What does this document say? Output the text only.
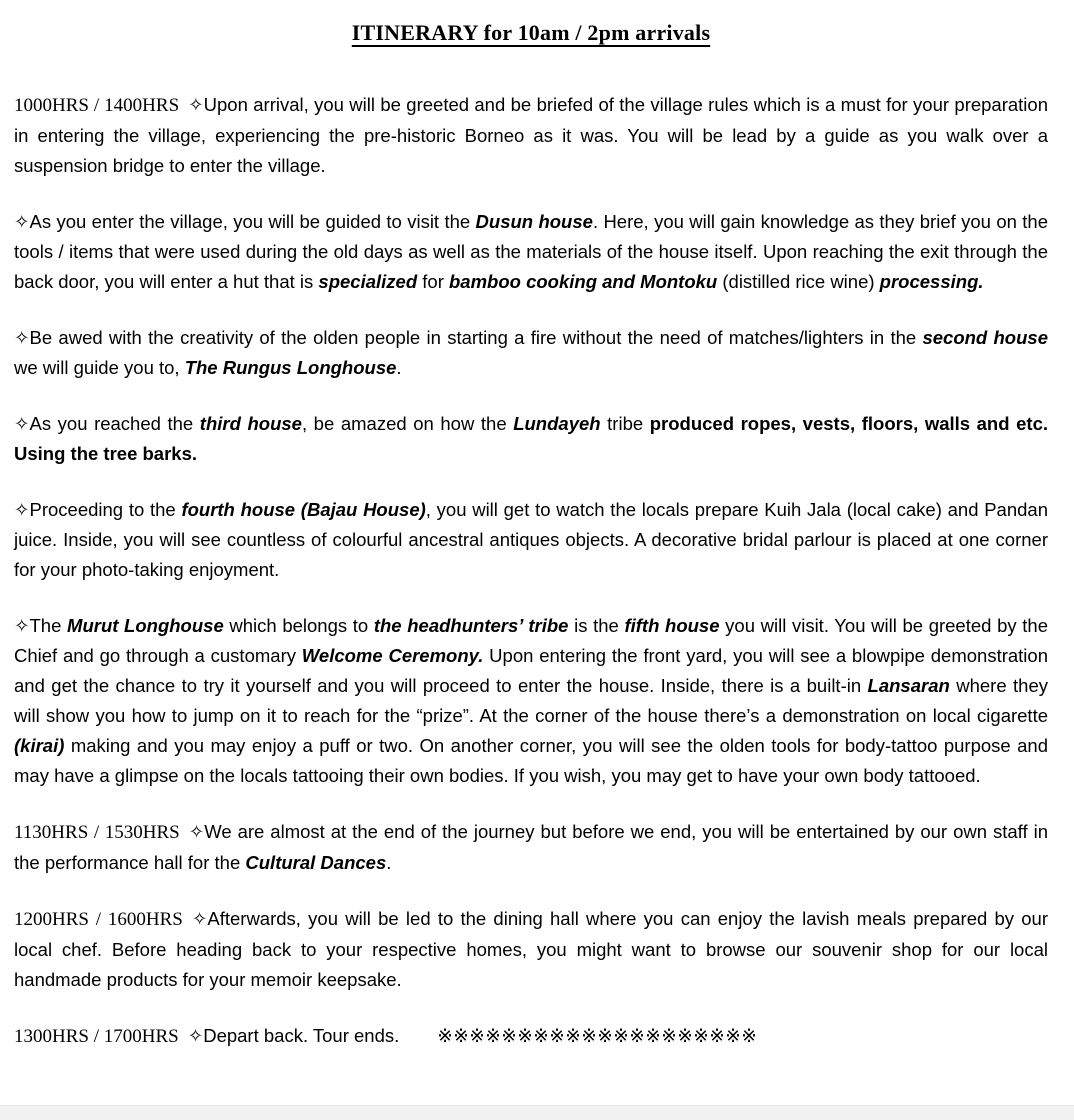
ITINERARY for 10am / 2pm arrivals
1000HRS / 1400HRS ✧Upon arrival, you will be greeted and be briefed of the village rules which is a must for your preparation in entering the village, experiencing the pre-historic Borneo as it was. You will be lead by a guide as you walk over a suspension bridge to enter the village.
✧As you enter the village, you will be guided to visit the Dusun house. Here, you will gain knowledge as they brief you on the tools / items that were used during the old days as well as the materials of the house itself. Upon reaching the exit through the back door, you will enter a hut that is specialized for bamboo cooking and Montoku (distilled rice wine) processing.
✧Be awed with the creativity of the olden people in starting a fire without the need of matches/lighters in the second house we will guide you to, The Rungus Longhouse.
✧As you reached the third house, be amazed on how the Lundayeh tribe produced ropes, vests, floors, walls and etc. Using the tree barks.
✧Proceeding to the fourth house (Bajau House), you will get to watch the locals prepare Kuih Jala (local cake) and Pandan juice. Inside, you will see countless of colourful ancestral antiques objects. A decorative bridal parlour is placed at one corner for your photo-taking enjoyment.
✧The Murut Longhouse which belongs to the headhunters’ tribe is the fifth house you will visit. You will be greeted by the Chief and go through a customary Welcome Ceremony. Upon entering the front yard, you will see a blowpipe demonstration and get the chance to try it yourself and you will proceed to enter the house. Inside, there is a built-in Lansaran where they will show you how to jump on it to reach for the “prize”. At the corner of the house there’s a demonstration on local cigarette (kirai) making and you may enjoy a puff or two. On another corner, you will see the olden tools for body-tattoo purpose and may have a glimpse on the locals tattooing their own bodies. If you wish, you may get to have your own body tattooed.
1130HRS / 1530HRS ✧We are almost at the end of the journey but before we end, you will be entertained by our own staff in the performance hall for the Cultural Dances.
1200HRS / 1600HRS ✧Afterwards, you will be led to the dining hall where you can enjoy the lavish meals prepared by our local chef. Before heading back to your respective homes, you might want to browse our souvenir shop for our local handmade products for your memoir keepsake.
1300HRS / 1700HRS ✧Depart back. Tour ends. ※※※※※※※※※※※※※※※※※※※※
